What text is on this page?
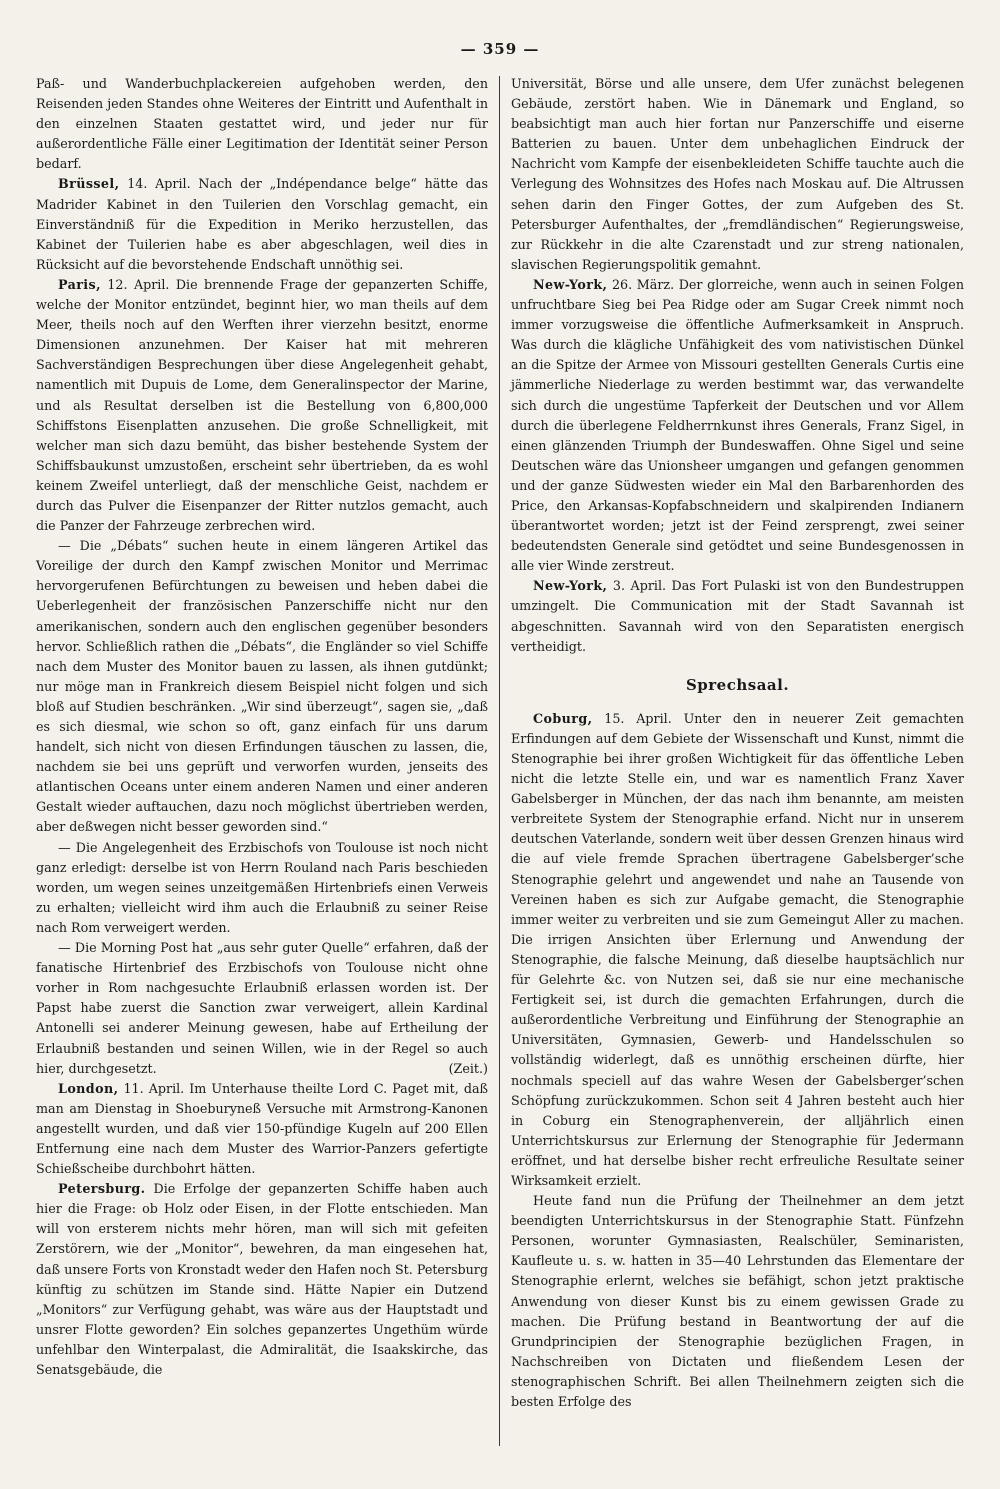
— 359 —

Paß- und Wanderbuchplackereien aufgehoben werden, den Reisenden jeden Standes ohne Weiteres der Eintritt und Aufenthalt in den einzelnen Staaten gestattet wird, und jeder nur für außerordentliche Fälle einer Legitimation der Identität seiner Person bedarf.

Brüssel, 14. April. Nach der „Indépendance belge“ hätte das Madrider Kabinet in den Tuilerien den Vorschlag gemacht, ein Einverständniß für die Expedition in Meriko herzustellen, das Kabinet der Tuilerien habe es aber abgeschlagen, weil dies in Rücksicht auf die bevorstehende Endschaft unnöthig sei.

Paris, 12. April. Die brennende Frage der gepanzerten Schiffe, welche der Monitor entzündet, beginnt hier, wo man theils auf dem Meer, theils noch auf den Werften ihrer vierzehn besitzt, enorme Dimensionen anzunehmen. Der Kaiser hat mit mehreren Sachverständigen Besprechungen über diese Angelegenheit gehabt, namentlich mit Dupuis de Lome, dem Generalinspector der Marine, und als Resultat derselben ist die Bestellung von 6,800,000 Schiffstons Eisenplatten anzusehen. Die große Schnelligkeit, mit welcher man sich dazu bemüht, das bisher bestehende System der Schiffsbaukunst umzustoßen, erscheint sehr übertrieben, da es wohl keinem Zweifel unterliegt, daß der menschliche Geist, nachdem er durch das Pulver die Eisenpanzer der Ritter nutzlos gemacht, auch die Panzer der Fahrzeuge zerbrechen wird.

— Die „Débats“ suchen heute in einem längeren Artikel das Voreilige der durch den Kampf zwischen Monitor und Merrimac hervorgerufenen Befürchtungen zu beweisen und heben dabei die Ueberlegenheit der französischen Panzerschiffe nicht nur den amerikanischen, sondern auch den englischen gegenüber besonders hervor. Schließlich rathen die „Débats“, die Engländer so viel Schiffe nach dem Muster des Monitor bauen zu lassen, als ihnen gutdünkt; nur möge man in Frankreich diesem Beispiel nicht folgen und sich bloß auf Studien beschränken. „Wir sind überzeugt“, sagen sie, „daß es sich diesmal, wie schon so oft, ganz einfach für uns darum handelt, sich nicht von diesen Erfindungen täuschen zu lassen, die, nachdem sie bei uns geprüft und verworfen wurden, jenseits des atlantischen Oceans unter einem anderen Namen und einer anderen Gestalt wieder auftauchen, dazu noch möglichst übertrieben werden, aber deßwegen nicht besser geworden sind.“

— Die Angelegenheit des Erzbischofs von Toulouse ist noch nicht ganz erledigt: derselbe ist von Herrn Rouland nach Paris beschieden worden, um wegen seines unzeitgemäßen Hirtenbriefs einen Verweis zu erhalten; vielleicht wird ihm auch die Erlaubniß zu seiner Reise nach Rom verweigert werden.

— Die Morning Post hat „aus sehr guter Quelle“ erfahren, daß der fanatische Hirtenbrief des Erzbischofs von Toulouse nicht ohne vorher in Rom nachgesuchte Erlaubniß erlassen worden ist. Der Papst habe zuerst die Sanction zwar verweigert, allein Kardinal Antonelli sei anderer Meinung gewesen, habe auf Ertheilung der Erlaubniß bestanden und seinen Willen, wie in der Regel so auch hier, durchgesetzt.	(Zeit.)

London, 11. April. Im Unterhause theilte Lord C. Paget mit, daß man am Dienstag in Shoeburyneß Versuche mit Armstrong-Kanonen angestellt wurden, und daß vier 150-pfündige Kugeln auf 200 Ellen Entfernung eine nach dem Muster des Warrior-Panzers gefertigte Schießscheibe durchbohrt hätten.

Petersburg. Die Erfolge der gepanzerten Schiffe haben auch hier die Frage: ob Holz oder Eisen, in der Flotte entschieden. Man will von ersterem nichts mehr hören, man will sich mit gefeiten Zerstörern, wie der „Monitor“, bewehren, da man eingesehen hat, daß unsere Forts von Kronstadt weder den Hafen noch St. Petersburg künftig zu schützen im Stande sind. Hätte Napier ein Dutzend „Monitors“ zur Verfügung gehabt, was wäre aus der Hauptstadt und unsrer Flotte geworden? Ein solches gepanzertes Ungethüm würde unfehlbar den Winterpalast, die Admiralität, die Isaakskirche, das Senatsgebäude, die

Universität, Börse und alle unsere, dem Ufer zunächst belegenen Gebäude, zerstört haben. Wie in Dänemark und England, so beabsichtigt man auch hier fortan nur Panzerschiffe und eiserne Batterien zu bauen. Unter dem unbehaglichen Eindruck der Nachricht vom Kampfe der eisenbekleideten Schiffe tauchte auch die Verlegung des Wohnsitzes des Hofes nach Moskau auf. Die Altrussen sehen darin den Finger Gottes, der zum Aufgeben des St. Petersburger Aufenthaltes, der „fremdländischen“ Regierungsweise, zur Rückkehr in die alte Czarenstadt und zur streng nationalen, slavischen Regierungspolitik gemahnt.

New-York, 26. März. Der glorreiche, wenn auch in seinen Folgen unfruchtbare Sieg bei Pea Ridge oder am Sugar Creek nimmt noch immer vorzugsweise die öffentliche Aufmerksamkeit in Anspruch. Was durch die klägliche Unfähigkeit des vom nativistischen Dünkel an die Spitze der Armee von Missouri gestellten Generals Curtis eine jämmerliche Niederlage zu werden bestimmt war, das verwandelte sich durch die ungestüme Tapferkeit der Deutschen und vor Allem durch die überlegene Feldherrnkunst ihres Generals, Franz Sigel, in einen glänzenden Triumph der Bundeswaffen. Ohne Sigel und seine Deutschen wäre das Unionsheer umgangen und gefangen genommen und der ganze Südwesten wieder ein Mal den Barbarenhorden des Price, den Arkansas-Kopfabschneidern und skalpirenden Indianern überantwortet worden; jetzt ist der Feind zersprengt, zwei seiner bedeutendsten Generale sind getödtet und seine Bundesgenossen in alle vier Winde zerstreut.

New-York, 3. April. Das Fort Pulaski ist von den Bundestruppen umzingelt. Die Communication mit der Stadt Savannah ist abgeschnitten. Savannah wird von den Separatisten energisch vertheidigt.

Sprechsaal.

Coburg, 15. April. Unter den in neuerer Zeit gemachten Erfindungen auf dem Gebiete der Wissenschaft und Kunst, nimmt die Stenographie bei ihrer großen Wichtigkeit für das öffentliche Leben nicht die letzte Stelle ein, und war es namentlich Franz Xaver Gabelsberger in München, der das nach ihm benannte, am meisten verbreitete System der Stenographie erfand. Nicht nur in unserem deutschen Vaterlande, sondern weit über dessen Grenzen hinaus wird die auf viele fremde Sprachen übertragene Gabelsberger’sche Stenographie gelehrt und angewendet und nahe an Tausende von Vereinen haben es sich zur Aufgabe gemacht, die Stenographie immer weiter zu verbreiten und sie zum Gemeingut Aller zu machen. Die irrigen Ansichten über Erlernung und Anwendung der Stenographie, die falsche Meinung, daß dieselbe hauptsächlich nur für Gelehrte &c. von Nutzen sei, daß sie nur eine mechanische Fertigkeit sei, ist durch die gemachten Erfahrungen, durch die außerordentliche Verbreitung und Einführung der Stenographie an Universitäten, Gymnasien, Gewerb- und Handelsschulen so vollständig widerlegt, daß es unnöthig erscheinen dürfte, hier nochmals speciell auf das wahre Wesen der Gabelsberger’schen Schöpfung zurückzukommen. Schon seit 4 Jahren besteht auch hier in Coburg ein Stenographenverein, der alljährlich einen Unterrichtskursus zur Erlernung der Stenographie für Jedermann eröffnet, und hat derselbe bisher recht erfreuliche Resultate seiner Wirksamkeit erzielt.

Heute fand nun die Prüfung der Theilnehmer an dem jetzt beendigten Unterrichtskursus in der Stenographie Statt. Fünfzehn Personen, worunter Gymnasiasten, Realschüler, Seminaristen, Kaufleute u. s. w. hatten in 35—40 Lehrstunden das Elementare der Stenographie erlernt, welches sie befähigt, schon jetzt praktische Anwendung von dieser Kunst bis zu einem gewissen Grade zu machen. Die Prüfung bestand in Beantwortung der auf die Grundprincipien der Stenographie bezüglichen Fragen, in Nachschreiben von Dictaten und fließendem Lesen der stenographischen Schrift. Bei allen Theilnehmern zeigten sich die besten Erfolge des
